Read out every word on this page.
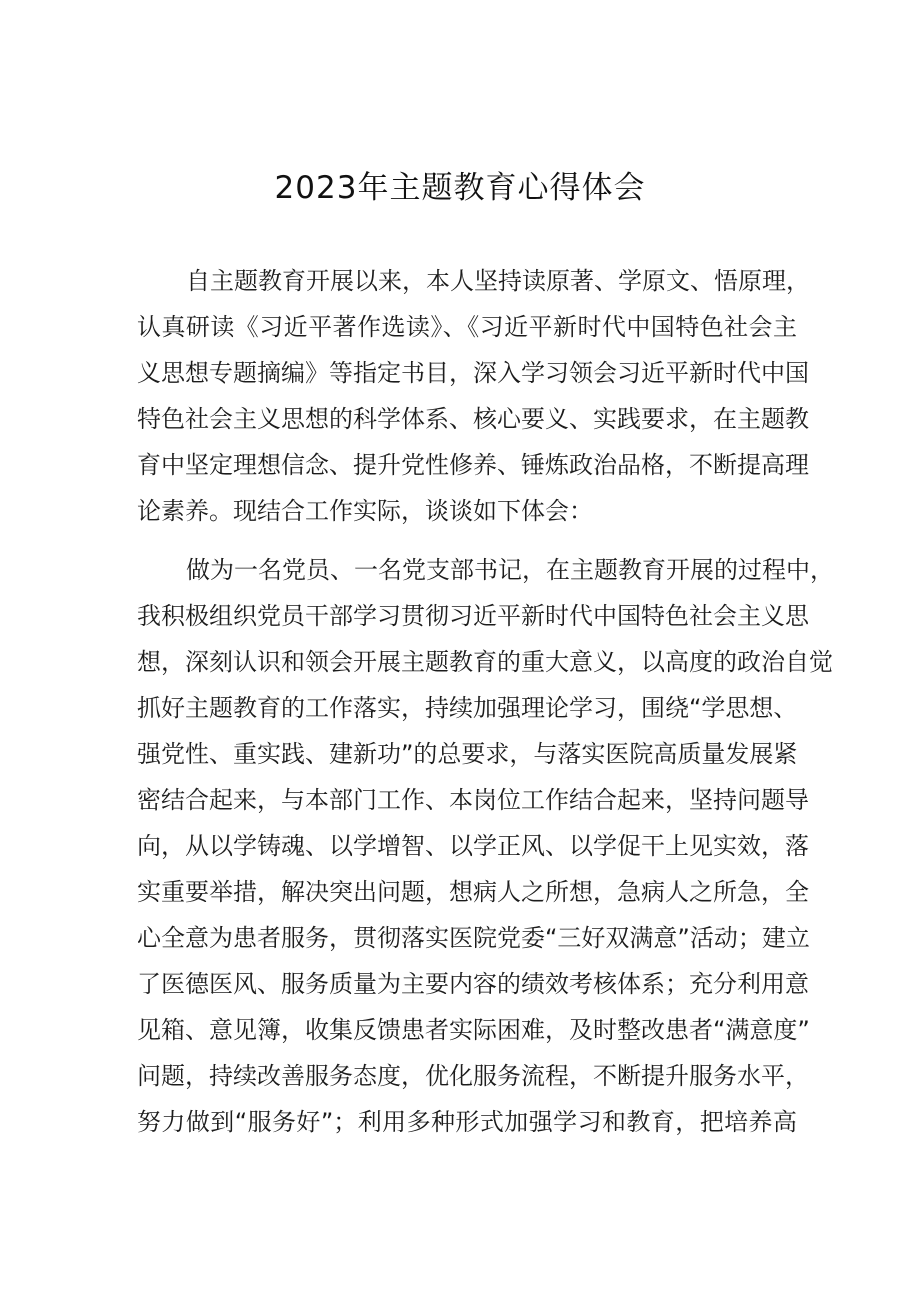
2023年主题教育心得体会
自主题教育开展以来，本人坚持读原著、学原文、悟原理，
认真研读《习近平著作选读》、《习近平新时代中国特色社会主
义思想专题摘编》等指定书目，深入学习领会习近平新时代中国
特色社会主义思想的科学体系、核心要义、实践要求，在主题教
育中坚定理想信念、提升党性修养、锤炼政治品格，不断提高理
论素养。现结合工作实际，谈谈如下体会：
做为一名党员、一名党支部书记，在主题教育开展的过程中，
我积极组织党员干部学习贯彻习近平新时代中国特色社会主义思
想，深刻认识和领会开展主题教育的重大意义，以高度的政治自觉
抓好主题教育的工作落实，持续加强理论学习，围绕“学思想、
强党性、重实践、建新功”的总要求，与落实医院高质量发展紧
密结合起来，与本部门工作、本岗位工作结合起来，坚持问题导
向，从以学铸魂、以学增智、以学正风、以学促干上见实效，落
实重要举措，解决突出问题，想病人之所想，急病人之所急，全
心全意为患者服务，贯彻落实医院党委“三好双满意”活动；建立
了医德医风、服务质量为主要内容的绩效考核体系；充分利用意
见箱、意见簿，收集反馈患者实际困难，及时整改患者“满意度”
问题，持续改善服务态度，优化服务流程，不断提升服务水平，
努力做到“服务好”；利用多种形式加强学习和教育，把培养高
